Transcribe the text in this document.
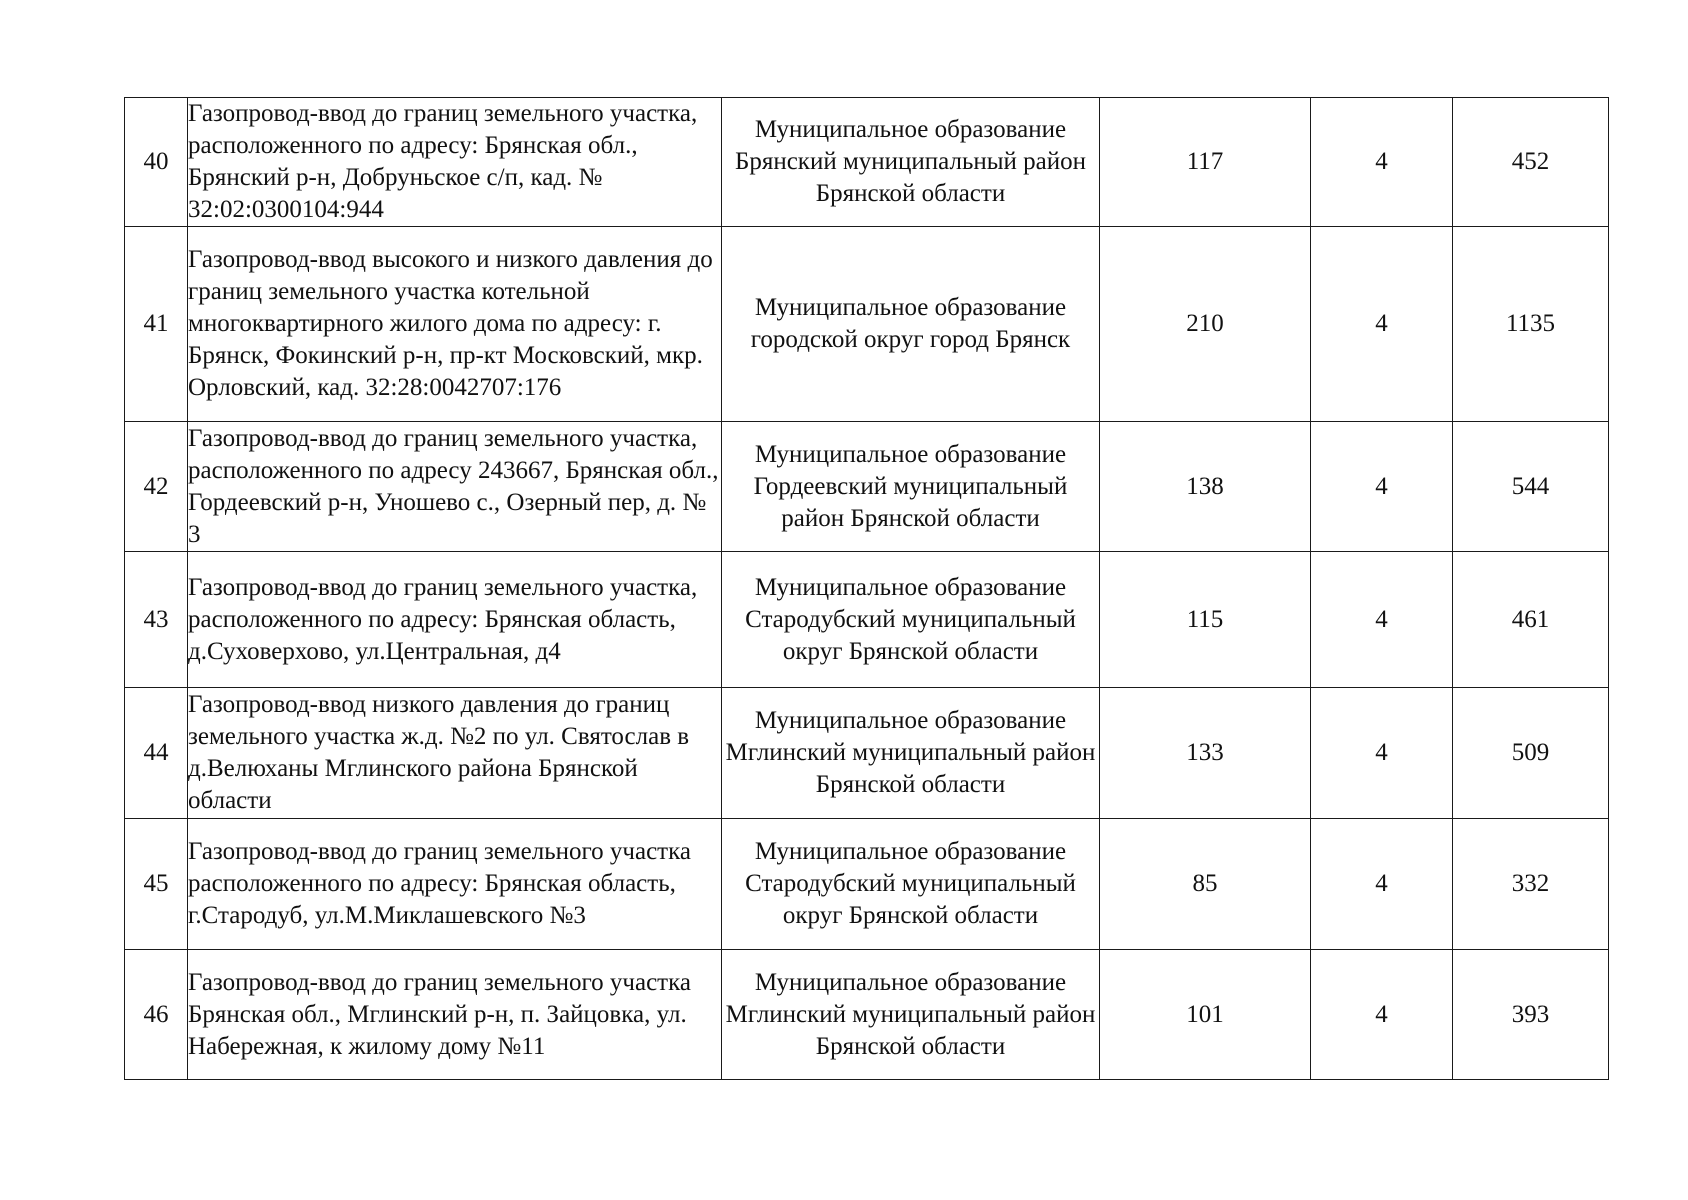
40	Газопровод-ввод до границ земельного участка, расположенного по адресу: Брянская обл., Брянский р-н, Добруньское с/п, кад. № 32:02:0300104:944	Муниципальное образование Брянский муниципальный район Брянской области	117	4	452
41	Газопровод-ввод высокого и низкого давления до границ земельного участка котельной многоквартирного жилого дома по адресу: г. Брянск, Фокинский р-н, пр-кт Московский, мкр. Орловский, кад. 32:28:0042707:176	Муниципальное образование городской округ город Брянск	210	4	1135
42	Газопровод-ввод до границ земельного участка, расположенного по адресу 243667, Брянская обл., Гордеевский р-н, Уношево с., Озерный пер, д. № 3	Муниципальное образование Гордеевский муниципальный район Брянской области	138	4	544
43	Газопровод-ввод до границ земельного участка, расположенного по адресу: Брянская область, д.Суховерхово, ул.Центральная, д4	Муниципальное образование Стародубский муниципальный округ Брянской области	115	4	461
44	Газопровод-ввод низкого давления до границ земельного участка ж.д. №2 по ул. Святослав в д.Велюханы Мглинского района Брянской области	Муниципальное образование Мглинский муниципальный район Брянской области	133	4	509
45	Газопровод-ввод до границ земельного участка расположенного по адресу: Брянская область, г.Стародуб, ул.М.Миклашевского №3	Муниципальное образование Стародубский муниципальный округ Брянской области	85	4	332
46	Газопровод-ввод до границ земельного участка Брянская обл., Мглинский р-н, п. Зайцовка, ул. Набережная, к жилому дому №11	Муниципальное образование Мглинский муниципальный район Брянской области	101	4	393
